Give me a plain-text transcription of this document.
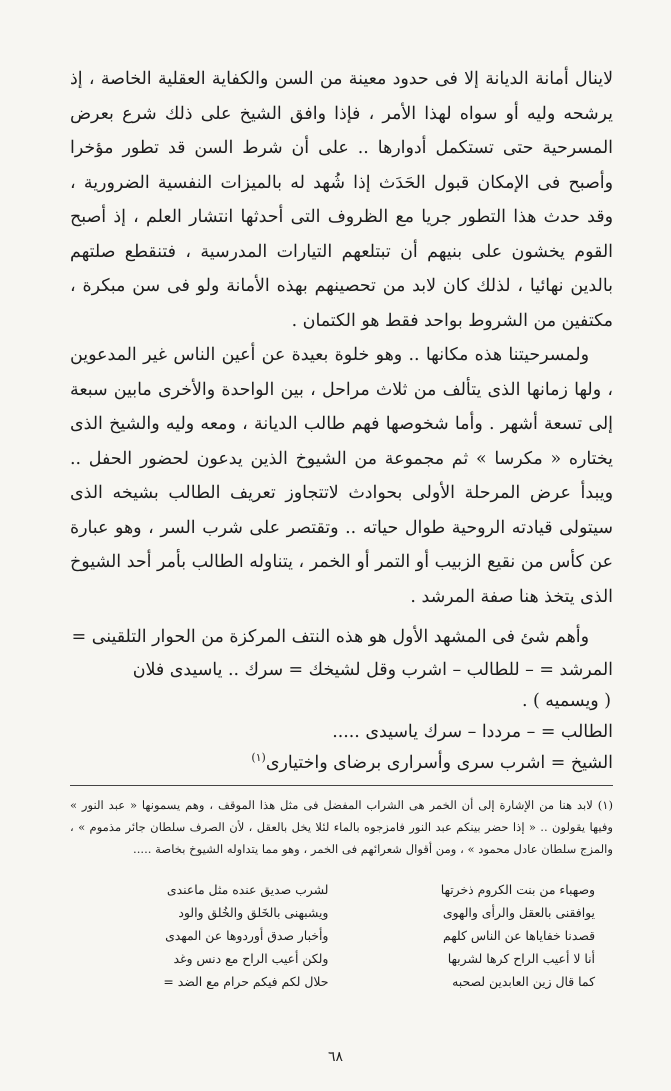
لاينال أمانة الديانة إلا فى حدود معينة من السن والكفاية العقلية الخاصة ، إذ يرشحه وليه أو سواه لهذا الأمر ، فإذا وافق الشيخ على ذلك شرع بعرض المسرحية حتى تستكمل أدوارها .. على أن شرط السن قد تطور مؤخرا وأصبح فى الإمكان قبول الحَدَث إذا شُهد له بالميزات النفسية الضرورية ، وقد حدث هذا التطور جريا مع الظروف التى أحدثها انتشار العلم ، إذ أصبح القوم يخشون على بنيهم أن تبتلعهم التيارات المدرسية ، فتنقطع صلتهم بالدين نهائيا ، لذلك كان لابد من تحصينهم بهذه الأمانة ولو فى سن مبكرة ، مكتفين من الشروط بواحد فقط هو الكتمان .

ولمسرحيتنا هذه مكانها .. وهو خلوة بعيدة عن أعين الناس غير المدعوين ، ولها زمانها الذى يتألف من ثلاث مراحل ، بين الواحدة والأخرى مابين سبعة إلى تسعة أشهر . وأما شخوصها فهم طالب الديانة ، ومعه وليه والشيخ الذى يختاره « مكرسا » ثم مجموعة من الشيوخ الذين يدعون لحضور الحفل .. ويبدأ عرض المرحلة الأولى بحوادث لاتتجاوز تعريف الطالب بشيخه الذى سيتولى قيادته الروحية طوال حياته .. وتقتصر على شرب السر ، وهو عبارة عن كأس من نقيع الزبيب أو التمر أو الخمر ، يتناوله الطالب بأمر أحد الشيوخ الذى يتخذ هنا صفة المرشد .

وأهم شئ فى المشهد الأول هو هذه النتف المركزة من الحوار التلقينى =

المرشد = – للطالب – اشرب وقل لشيخك = سرك .. ياسيدى فلان
( ويسميه ) .
الطالب = – مرددا – سرك ياسيدى .....
الشيخ = اشرب سرى وأسرارى برضاى واختيارى$^{(١)}$

(١) لابد هنا من الإشارة إلى أن الخمر هى الشراب المفضل فى مثل هذا الموقف ، وهم يسمونها « عبد النور » وفيها يقولون .. « إذا حضر بينكم عبد النور فامزجوه بالماء لئلا يخل بالعقل ، لأن الصرف سلطان جائر مذموم » ، والمزج سلطان عادل محمود » ، ومن أقوال شعرائهم فى الخمر ، وهو مما يتداوله الشيوخ بخاصة .....

وصهباء من بنت الكروم ذخرتها
يوافقنى بالعقل والرأى والهوى
قصدنا خفاياها عن الناس كلهم
أنا لا أعيب الراح كرها لشربها
كما قال زين العابدين لصحبه
لشرب صديق عنده مثل ماعندى
ويشبهنى بالخَلق والخُلق والود
وأخبار صدق أوردوها عن المهدى
ولكن أعيب الراح مع دنس وغد
حلال لكم فيكم حرام مع الضد =
٦٨
